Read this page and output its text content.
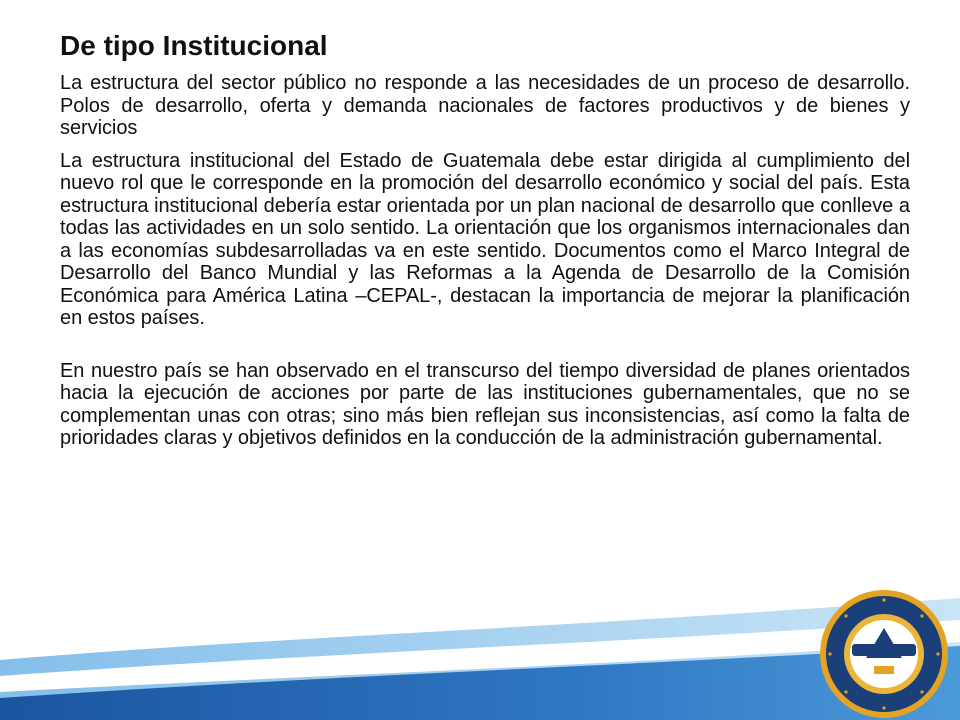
De tipo Institucional

La estructura del sector público no responde a las necesidades de un proceso de desarrollo. Polos de desarrollo, oferta y demanda nacionales de factores productivos y de bienes y servicios

La estructura institucional del Estado de Guatemala debe estar dirigida al cumplimiento del nuevo rol que le corresponde en la promoción del desarrollo económico y social del país. Esta estructura institucional debería estar orientada por un plan nacional de desarrollo que conlleve a todas las actividades en un solo sentido. La orientación que los organismos internacionales dan a las economías subdesarrolladas va en este sentido. Documentos como el Marco Integral de Desarrollo del Banco Mundial y las Reformas a la Agenda de Desarrollo de la Comisión Económica para América Latina –CEPAL-, destacan la importancia de mejorar la planificación en estos países.

En nuestro país se han observado en el transcurso del tiempo diversidad de planes orientados hacia la ejecución de acciones por parte de las instituciones gubernamentales, que no se complementan unas con otras; sino más bien reflejan sus inconsistencias, así como la falta de prioridades claras y objetivos definidos en la conducción de la administración gubernamental.
